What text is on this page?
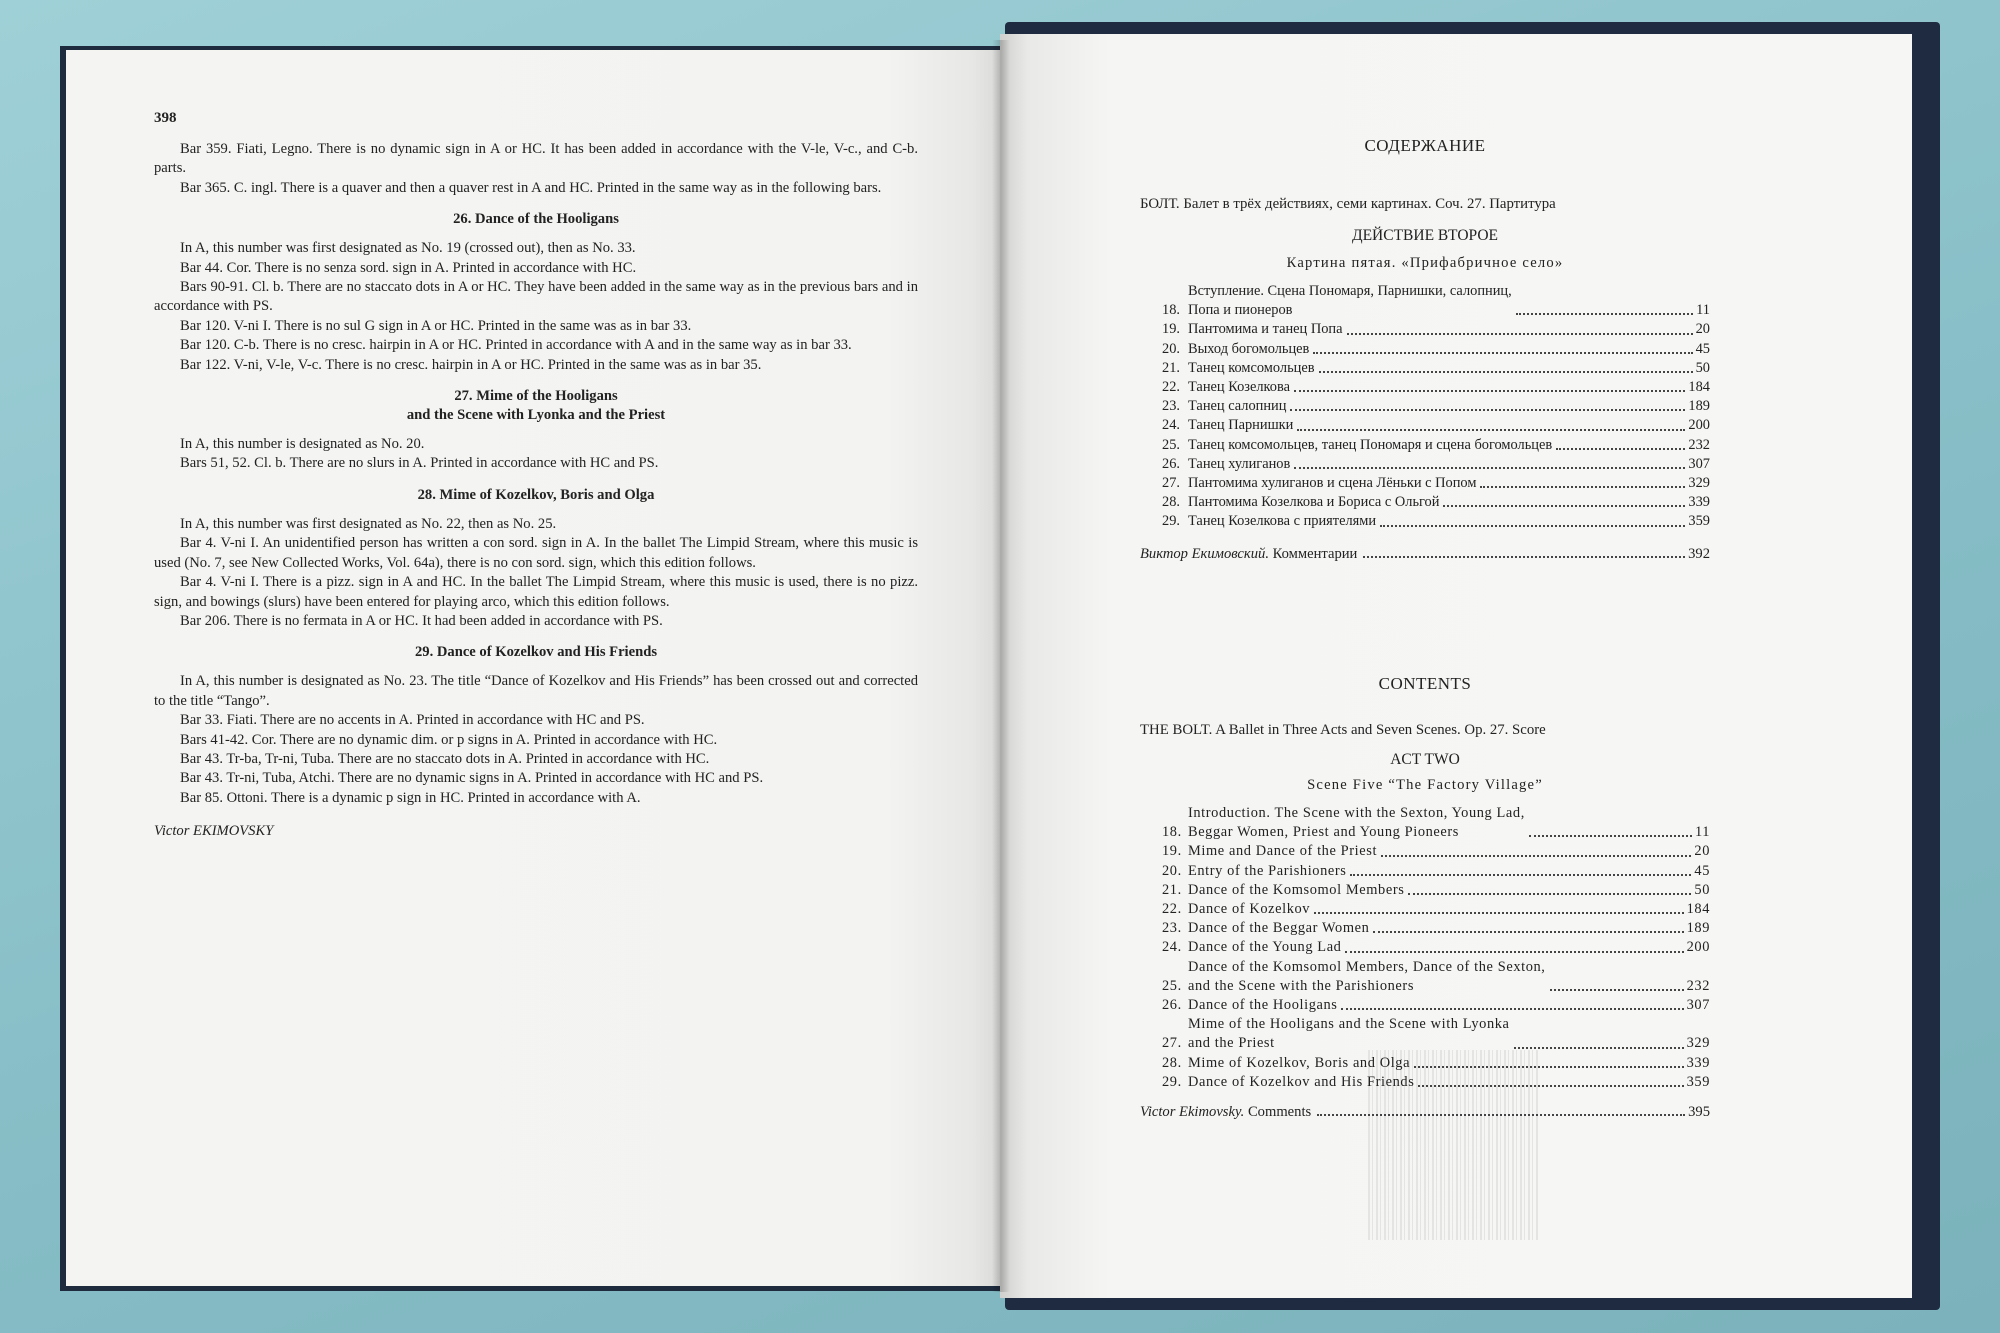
398

Bar 359. Fiati, Legno. There is no dynamic sign in A or HC. It has been added in accordance with the V-le, V-c., and C-b. parts.

Bar 365. C. ingl. There is a quaver and then a quaver rest in A and HC. Printed in the same way as in the following bars.

26. Dance of the Hooligans

In A, this number was first designated as No. 19 (crossed out), then as No. 33.

Bar 44. Cor. There is no senza sord. sign in A. Printed in accordance with HC.

Bars 90-91. Cl. b. There are no staccato dots in A or HC. They have been added in the same way as in the previous bars and in accordance with PS.

Bar 120. V-ni I. There is no sul G sign in A or HC. Printed in the same was as in bar 33.

Bar 120. C-b. There is no cresc. hairpin in A or HC. Printed in accordance with A and in the same way as in bar 33.

Bar 122. V-ni, V-le, V-c. There is no cresc. hairpin in A or HC. Printed in the same was as in bar 35.

27. Mime of the Hooligans
and the Scene with Lyonka and the Priest

In A, this number is designated as No. 20.

Bars 51, 52. Cl. b. There are no slurs in A. Printed in accordance with HC and PS.

28. Mime of Kozelkov, Boris and Olga

In A, this number was first designated as No. 22, then as No. 25.

Bar 4. V-ni I. An unidentified person has written a con sord. sign in A. In the ballet The Limpid Stream, where this music is used (No. 7, see New Collected Works, Vol. 64a), there is no con sord. sign, which this edition follows.

Bar 4. V-ni I. There is a pizz. sign in A and HC. In the ballet The Limpid Stream, where this music is used, there is no pizz. sign, and bowings (slurs) have been entered for playing arco, which this edition follows.

Bar 206. There is no fermata in A or HC. It had been added in accordance with PS.

29. Dance of Kozelkov and His Friends

In A, this number is designated as No. 23. The title “Dance of Kozelkov and His Friends” has been crossed out and corrected to the title “Tango”.

Bar 33. Fiati. There are no accents in A. Printed in accordance with HC and PS.

Bars 41-42. Cor. There are no dynamic dim. or p signs in A. Printed in accordance with HC.

Bar 43. Tr-ba, Tr-ni, Tuba. There are no staccato dots in A. Printed in accordance with HC.

Bar 43. Tr-ni, Tuba, Atchi. There are no dynamic signs in A. Printed in accordance with HC and PS.

Bar 85. Ottoni. There is a dynamic p sign in HC. Printed in accordance with A.

Victor EKIMOVSKY

СОДЕРЖАНИЕ
БОЛТ. Балет в трёх действиях, семи картинах. Соч. 27. Партитура
ДЕЙСТВИЕ ВТОРОЕ
Картина пятая. «Прифабричное село»
18.
Вступление. Сцена Пономаря, Парнишки, салопниц,
Попа и пионеров	11
19. Пантомима и танец Попа	20
20. Выход богомольцев	45
21. Танец комсомольцев	50
22. Танец Козелкова	184
23. Танец салопниц	189
24. Танец Парнишки	200
25. Танец комсомольцев, танец Пономаря и сцена богомольцев	232
26. Танец хулиганов	307
27. Пантомима хулиганов и сцена Лёньки с Попом	329
28. Пантомима Козелкова и Бориса с Ольгой	339
29. Танец Козелкова с приятелями	359
Виктор Екимовский.
Комментарии	392
CONTENTS
THE BOLT. A Ballet in Three Acts and Seven Scenes. Op. 27. Score
ACT TWO
Scene Five “The Factory Village”
18.
Introduction. The Scene with the Sexton, Young Lad,
Beggar Women, Priest and Young Pioneers	11
19. Mime and Dance of the Priest	20
20. Entry of the Parishioners	45
21. Dance of the Komsomol Members	50
22. Dance of Kozelkov	184
23. Dance of the Beggar Women	189
24. Dance of the Young Lad	200
25.
Dance of the Komsomol Members, Dance of the Sexton,
and the Scene with the Parishioners	232
26. Dance of the Hooligans	307
27.
Mime of the Hooligans and the Scene with Lyonka
and the Priest	329
28. Mime of Kozelkov, Boris and Olga	339
29. Dance of Kozelkov and His Friends	359
Victor Ekimovsky.
Comments	395
